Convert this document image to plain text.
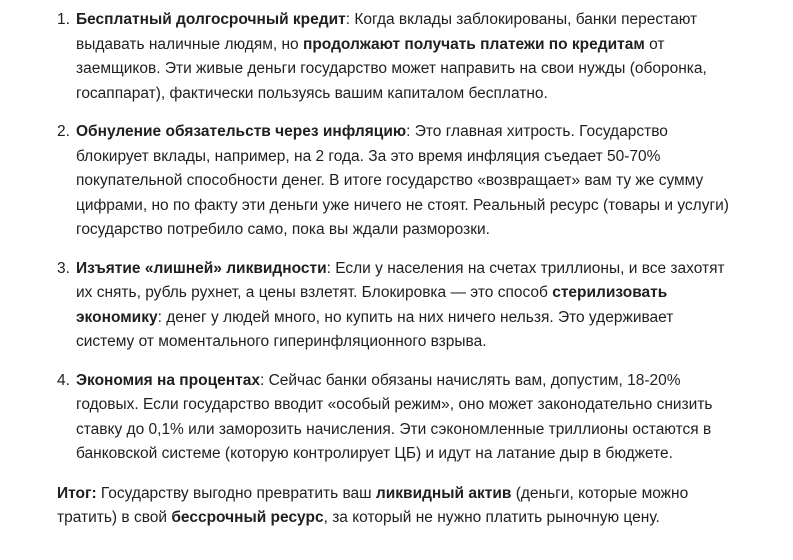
1. Бесплатный долгосрочный кредит: Когда вклады заблокированы, банки перестают выдавать наличные людям, но продолжают получать платежи по кредитам от заемщиков. Эти живые деньги государство может направить на свои нужды (оборонка, госаппарат), фактически пользуясь вашим капиталом бесплатно.
2. Обнуление обязательств через инфляцию: Это главная хитрость. Государство блокирует вклады, например, на 2 года. За это время инфляция съедает 50-70% покупательной способности денег. В итоге государство «возвращает» вам ту же сумму цифрами, но по факту эти деньги уже ничего не стоят. Реальный ресурс (товары и услуги) государство потребило само, пока вы ждали разморозки.
3. Изъятие «лишней» ликвидности: Если у населения на счетах триллионы, и все захотят их снять, рубль рухнет, а цены взлетят. Блокировка — это способ стерилизовать экономику: денег у людей много, но купить на них ничего нельзя. Это удерживает систему от моментального гиперинфляционного взрыва.
4. Экономия на процентах: Сейчас банки обязаны начислять вам, допустим, 18-20% годовых. Если государство вводит «особый режим», оно может законодательно снизить ставку до 0,1% или заморозить начисления. Эти сэкономленные триллионы остаются в банковской системе (которую контролирует ЦБ) и идут на латание дыр в бюджете.

Итог: Государству выгодно превратить ваш ликвидный актив (деньги, которые можно тратить) в свой бессрочный ресурс, за который не нужно платить рыночную цену.
